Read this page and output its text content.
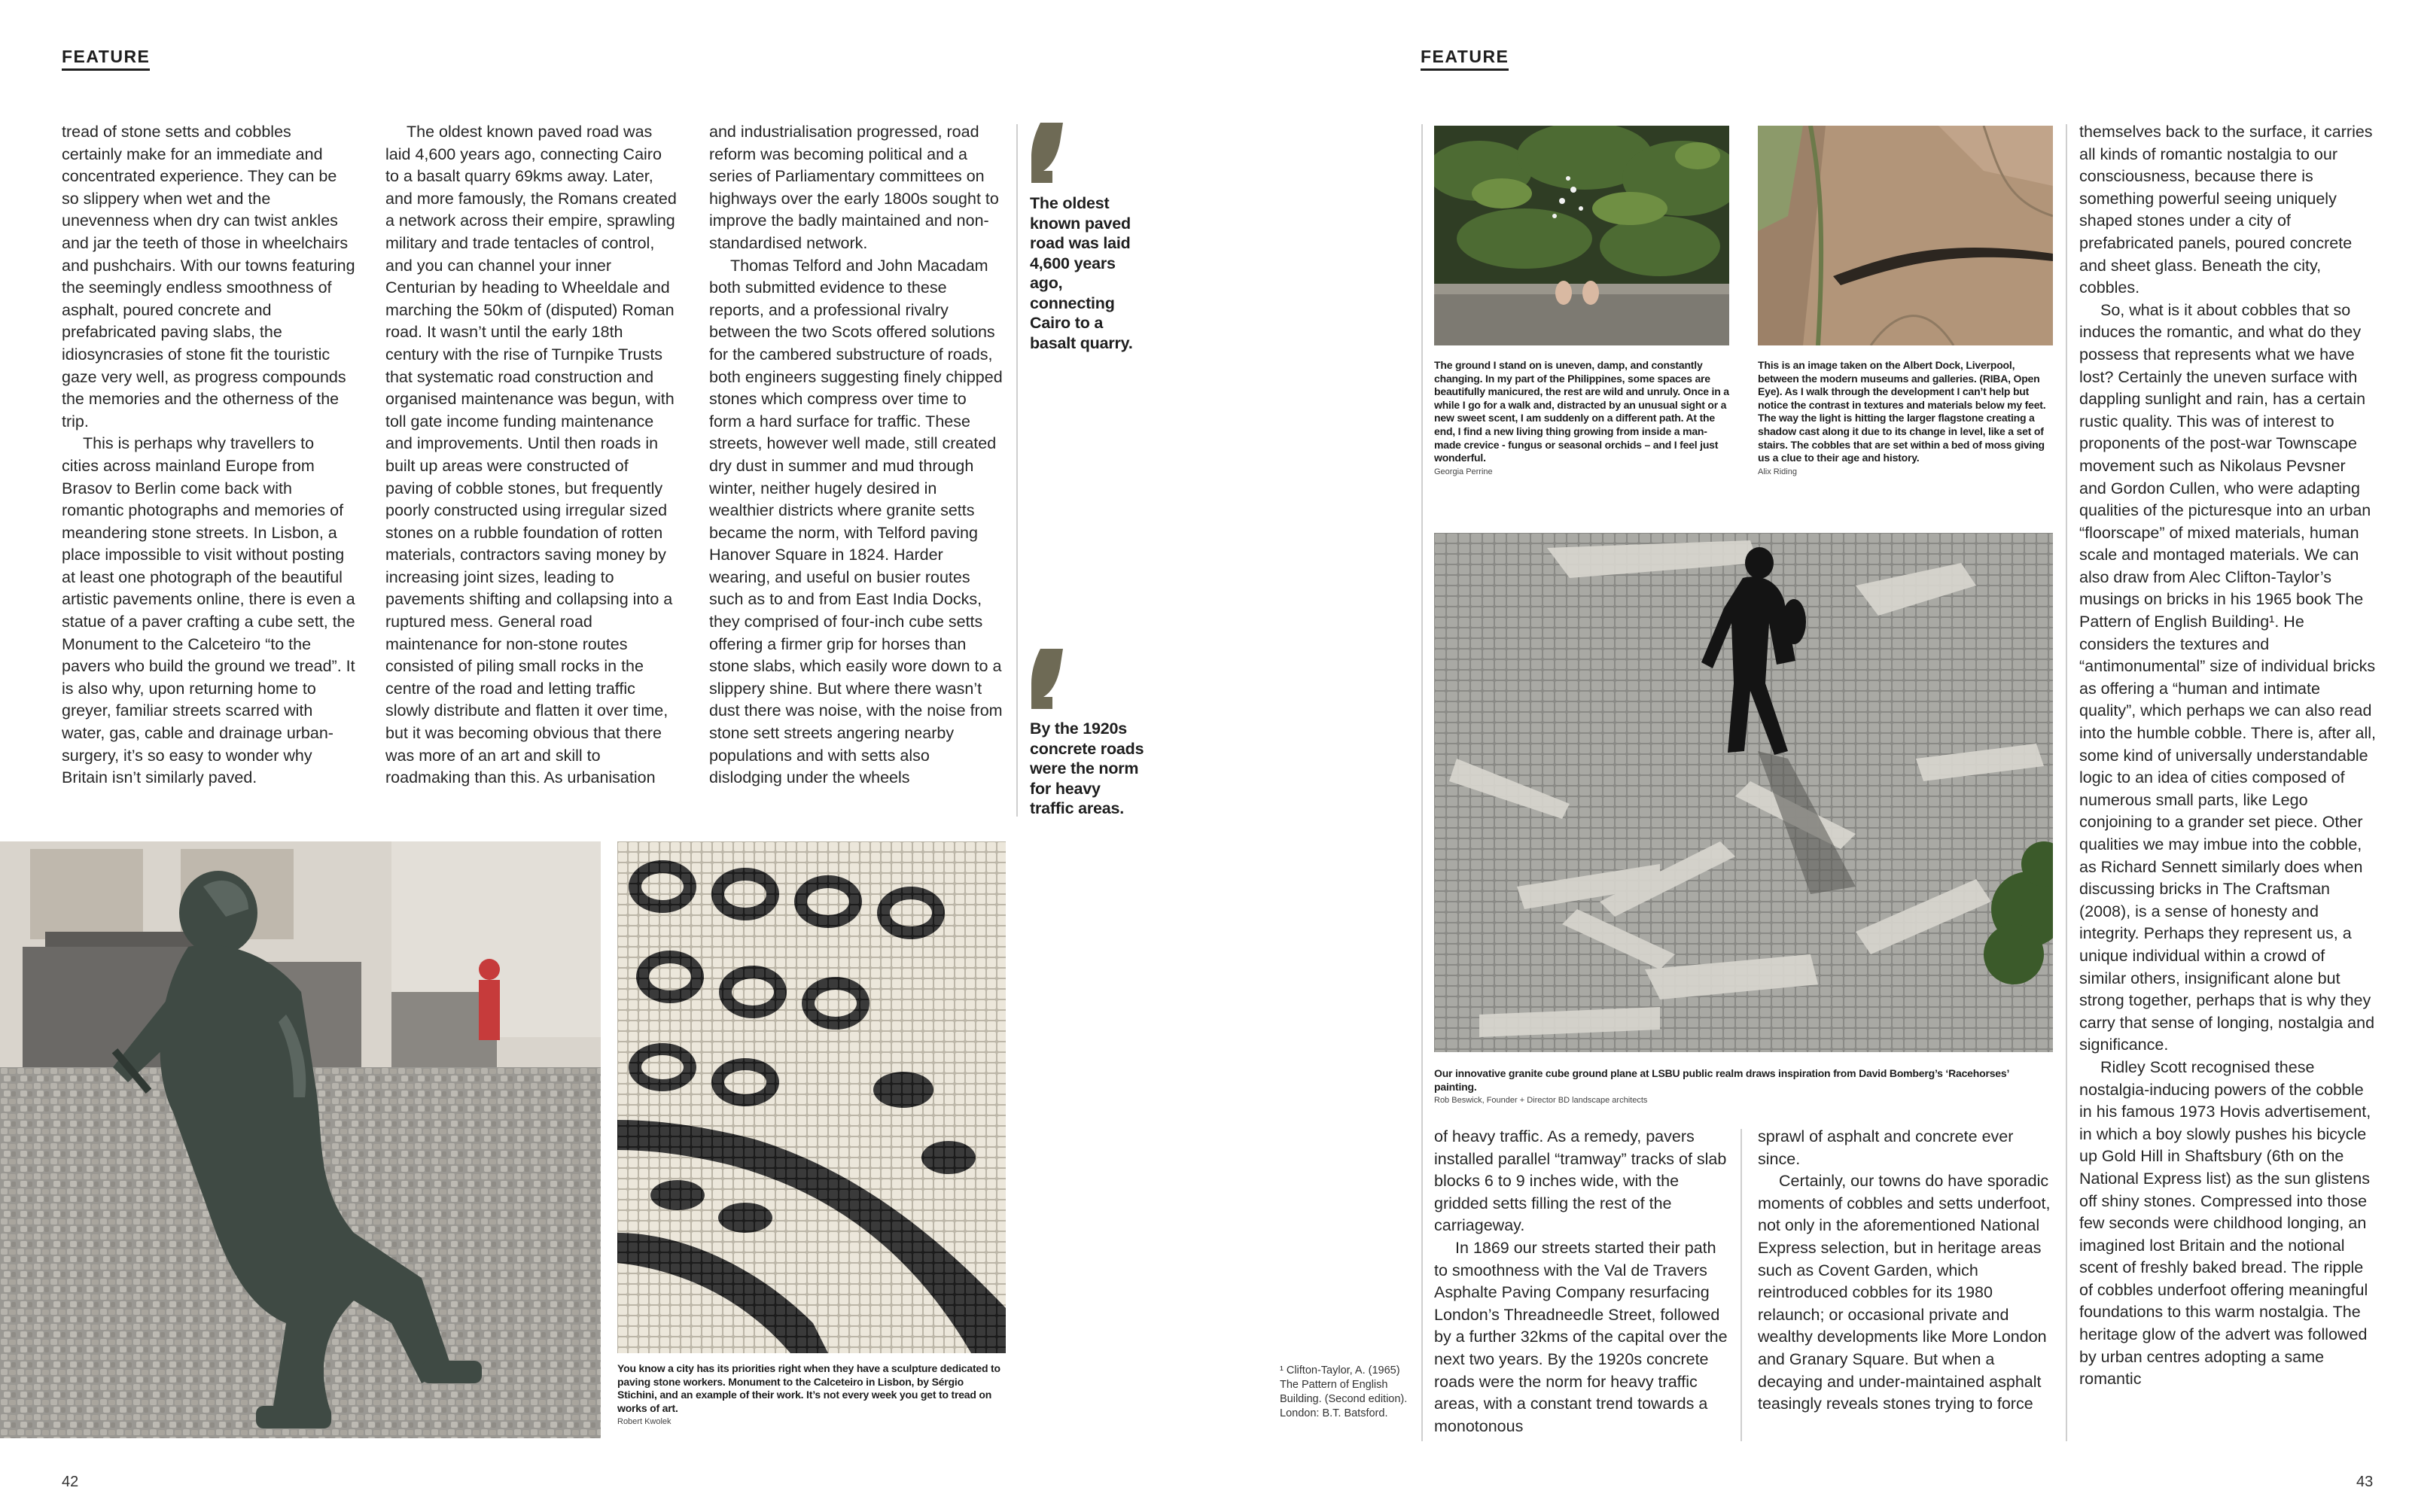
FEATURE

tread of stone setts and cobbles certainly make for an immediate and concentrated experience. They can be so slippery when wet and the unevenness when dry can twist ankles and jar the teeth of those in wheelchairs and pushchairs. With our towns featuring the seemingly endless smoothness of asphalt, poured concrete and prefabricated paving slabs, the idiosyncrasies of stone fit the touristic gaze very well, as progress compounds the memories and the otherness of the trip.

This is perhaps why travellers to cities across mainland Europe from Brasov to Berlin come back with romantic photographs and memories of meandering stone streets. In Lisbon, a place impossible to visit without posting at least one photograph of the beautiful artistic pavements online, there is even a statue of a paver crafting a cube sett, the Monument to the Calceteiro “to the pavers who build the ground we tread”. It is also why, upon returning home to greyer, familiar streets scarred with water, gas, cable and drainage urban-surgery, it’s so easy to wonder why Britain isn’t similarly paved.

The oldest known paved road was laid 4,600 years ago, connecting Cairo to a basalt quarry 69kms away. Later, and more famously, the Romans created a network across their empire, sprawling military and trade tentacles of control, and you can channel your inner Centurian by heading to Wheeldale and marching the 50km of (disputed) Roman road. It wasn’t until the early 18th century with the rise of Turnpike Trusts that systematic road construction and organised maintenance was begun, with toll gate income funding maintenance and improvements. Until then roads in built up areas were constructed of paving of cobble stones, but frequently poorly constructed using irregular sized stones on a rubble foundation of rotten materials, contractors saving money by increasing joint sizes, leading to pavements shifting and collapsing into a ruptured mess. General road maintenance for non-stone routes consisted of piling small rocks in the centre of the road and letting traffic slowly distribute and flatten it over time, but it was becoming obvious that there was more of an art and skill to roadmaking than this. As urbanisation

and industrialisation progressed, road reform was becoming political and a series of Parliamentary committees on highways over the early 1800s sought to improve the badly maintained and non-standardised network.

Thomas Telford and John Macadam both submitted evidence to these reports, and a professional rivalry between the two Scots offered solutions for the cambered substructure of roads, both engineers suggesting finely chipped stones which compress over time to form a hard surface for traffic. These streets, however well made, still created dry dust in summer and mud through winter, neither hugely desired in wealthier districts where granite setts became the norm, with Telford paving Hanover Square in 1824. Harder wearing, and useful on busier routes such as to and from East India Docks, they comprised of four-inch cube setts offering a firmer grip for horses than stone slabs, which easily wore down to a slippery shine. But where there wasn’t dust there was noise, with the noise from stone sett streets angering nearby populations and with setts also dislodging under the wheels

The oldest known paved road was laid 4,600 years ago, connecting Cairo to a basalt quarry.
By the 1920s concrete roads were the norm for heavy traffic areas.
You know a city has its priorities right when they have a sculpture dedicated to paving stone workers. Monument to the Calceteiro in Lisbon, by Sérgio Stichini, and an example of their work. It’s not every week you get to tread on works of art.
Robert Kwolek
42
FEATURE
¹ Clifton-Taylor, A. (1965) The Pattern of English Building. (Second edition). London: B.T. Batsford.
The ground I stand on is uneven, damp, and constantly changing. In my part of the Philippines, some spaces are beautifully manicured, the rest are wild and unruly. Once in a while I go for a walk and, distracted by an unusual sight or a new sweet scent, I am suddenly on a different path. At the end, I find a new living thing growing from inside a man-made crevice - fungus or seasonal orchids – and I feel just wonderful.
Georgia Perrine
This is an image taken on the Albert Dock, Liverpool, between the modern museums and galleries. (RIBA, Open Eye). As I walk through the development I can’t help but notice the contrast in textures and materials below my feet. The way the light is hitting the larger flagstone creating a shadow cast along it due to its change in level, like a set of stairs. The cobbles that are set within a bed of moss giving us a clue to their age and history.
Alix Riding
Our innovative granite cube ground plane at LSBU public realm draws inspiration from David Bomberg’s ‘Racehorses’ painting.
Rob Beswick, Founder + Director BD landscape architects

of heavy traffic. As a remedy, pavers installed parallel “tramway” tracks of slab blocks 6 to 9 inches wide, with the gridded setts filling the rest of the carriageway.

In 1869 our streets started their path to smoothness with the Val de Travers Asphalte Paving Company resurfacing London’s Threadneedle Street, followed by a further 32kms of the capital over the next two years. By the 1920s concrete roads were the norm for heavy traffic areas, with a constant trend towards a monotonous

sprawl of asphalt and concrete ever since.

Certainly, our towns do have sporadic moments of cobbles and setts underfoot, not only in the aforementioned National Express selection, but in heritage areas such as Covent Garden, which reintroduced cobbles for its 1980 relaunch; or occasional private and wealthy developments like More London and Granary Square. But when a decaying and under-maintained asphalt teasingly reveals stones trying to force

themselves back to the surface, it carries all kinds of romantic nostalgia to our consciousness, because there is something powerful seeing uniquely shaped stones under a city of prefabricated panels, poured concrete and sheet glass. Beneath the city, cobbles.

So, what is it about cobbles that so induces the romantic, and what do they possess that represents what we have lost? Certainly the uneven surface with dappling sunlight and rain, has a certain rustic quality. This was of interest to proponents of the post-war Townscape movement such as Nikolaus Pevsner and Gordon Cullen, who were adapting qualities of the picturesque into an urban “floorscape” of mixed materials, human scale and montaged materials. We can also draw from Alec Clifton-Taylor’s musings on bricks in his 1965 book The Pattern of English Building¹. He considers the textures and “antimonumental” size of individual bricks as offering a “human and intimate quality”, which perhaps we can also read into the humble cobble. There is, after all, some kind of universally understandable logic to an idea of cities composed of numerous small parts, like Lego conjoining to a grander set piece. Other qualities we may imbue into the cobble, as Richard Sennett similarly does when discussing bricks in The Craftsman (2008), is a sense of honesty and integrity. Perhaps they represent us, a unique individual within a crowd of similar others, insignificant alone but strong together, perhaps that is why they carry that sense of longing, nostalgia and significance.

Ridley Scott recognised these nostalgia-inducing powers of the cobble in his famous 1973 Hovis advertisement, in which a boy slowly pushes his bicycle up Gold Hill in Shaftsbury (6th on the National Express list) as the sun glistens off shiny stones. Compressed into those few seconds were childhood longing, an imagined lost Britain and the notional scent of freshly baked bread. The ripple of cobbles underfoot offering meaningful foundations to this warm nostalgia. The heritage glow of the advert was followed by urban centres adopting a same romantic

43
